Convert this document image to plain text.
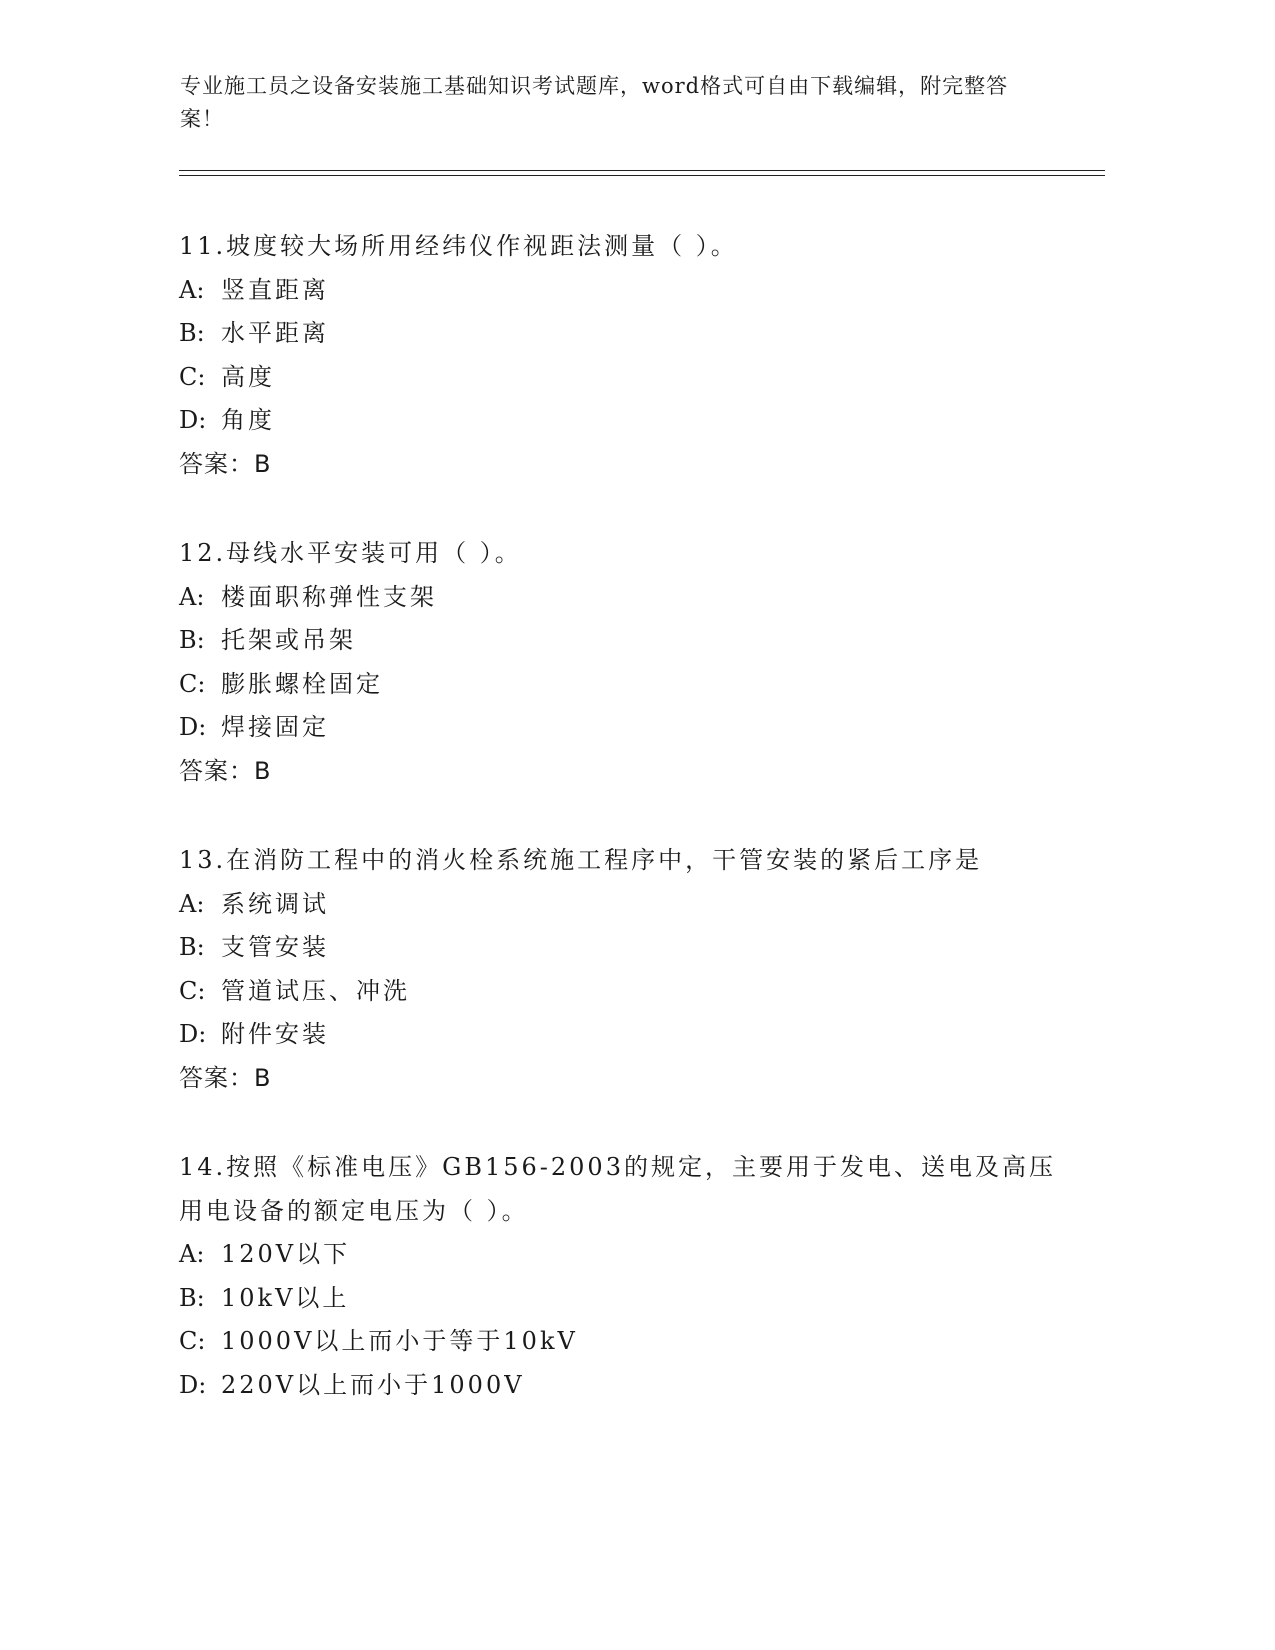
专业施工员之设备安装施工基础知识考试题库，word格式可自由下载编辑，附完整答案！
11.坡度较大场所用经纬仪作视距法测量（ ）。
A: 竖直距离
B: 水平距离
C: 高度
D: 角度
答案：B
12.母线水平安装可用（ ）。
A: 楼面职称弹性支架
B: 托架或吊架
C: 膨胀螺栓固定
D: 焊接固定
答案：B
13.在消防工程中的消火栓系统施工程序中，干管安装的紧后工序是
A: 系统调试
B: 支管安装
C: 管道试压、冲洗
D: 附件安装
答案：B
14.按照《标准电压》GB156-2003的规定，主要用于发电、送电及高压用电设备的额定电压为（ ）。
A: 120V以下
B: 10kV以上
C: 1000V以上而小于等于10kV
D: 220V以上而小于1000V
